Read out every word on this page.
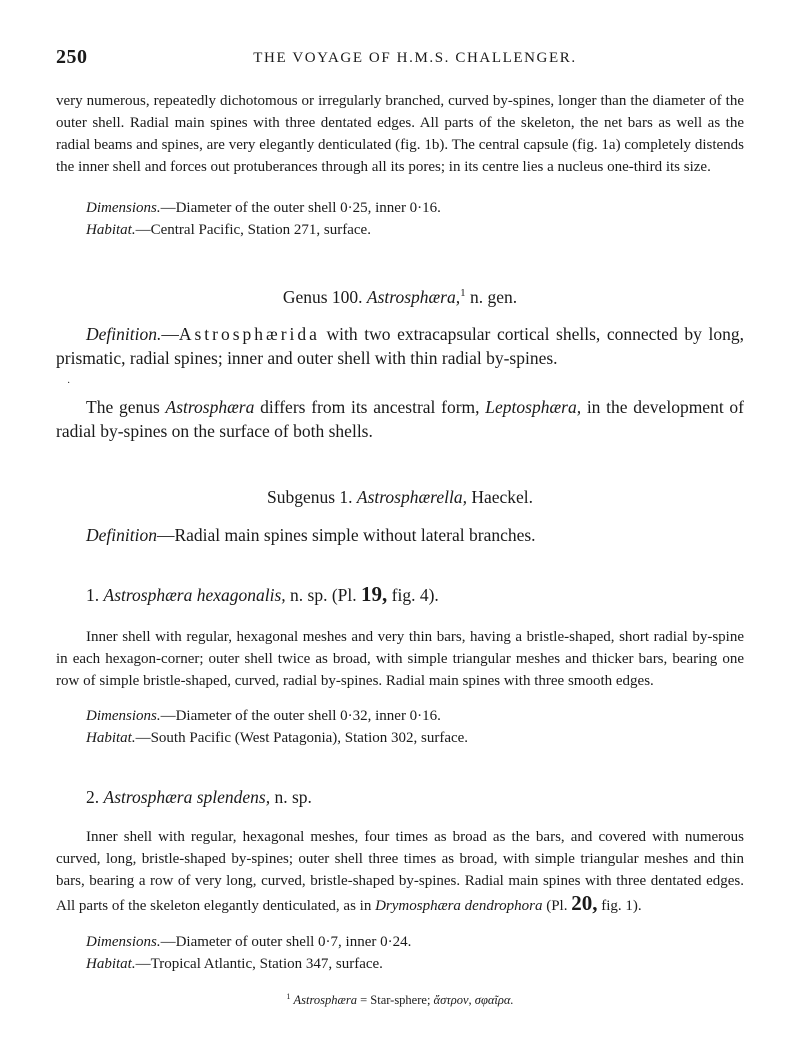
250	THE VOYAGE OF H.M.S. CHALLENGER.

very numerous, repeatedly dichotomous or irregularly branched, curved by-spines, longer than the diameter of the outer shell. Radial main spines with three dentated edges. All parts of the skeleton, the net bars as well as the radial beams and spines, are very elegantly denticulated (fig. 1b). The central capsule (fig. 1a) completely distends the inner shell and forces out protuberances through all its pores; in its centre lies a nucleus one-third its size.

Dimensions.—Diameter of the outer shell 0·25, inner 0·16.

Habitat.—Central Pacific, Station 271, surface.

Genus 100. Astrosphæra,$^1$ n. gen.

Definition.—Astrosphærida with two extracapsular cortical shells, connected by long, prismatic, radial spines; inner and outer shell with thin radial by-spines.

·

The genus Astrosphæra differs from its ancestral form, Leptosphæra, in the development of radial by-spines on the surface of both shells.

Subgenus 1. Astrosphærella, Haeckel.

Definition—Radial main spines simple without lateral branches.

1. Astrosphæra hexagonalis, n. sp. (Pl. 19, fig. 4).

Inner shell with regular, hexagonal meshes and very thin bars, having a bristle-shaped, short radial by-spine in each hexagon-corner; outer shell twice as broad, with simple triangular meshes and thicker bars, bearing one row of simple bristle-shaped, curved, radial by-spines. Radial main spines with three smooth edges.

Dimensions.—Diameter of the outer shell 0·32, inner 0·16.

Habitat.—South Pacific (West Patagonia), Station 302, surface.

2. Astrosphæra splendens, n. sp.

Inner shell with regular, hexagonal meshes, four times as broad as the bars, and covered with numerous curved, long, bristle-shaped by-spines; outer shell three times as broad, with simple triangular meshes and thin bars, bearing a row of very long, curved, bristle-shaped by-spines. Radial main spines with three dentated edges. All parts of the skeleton elegantly denticulated, as in Drymosphæra dendrophora (Pl. 20, fig. 1).

Dimensions.—Diameter of outer shell 0·7, inner 0·24.

Habitat.—Tropical Atlantic, Station 347, surface.

$^1$ Astrosphæra = Star-sphere; ἄστρον, σφαῖρα.
